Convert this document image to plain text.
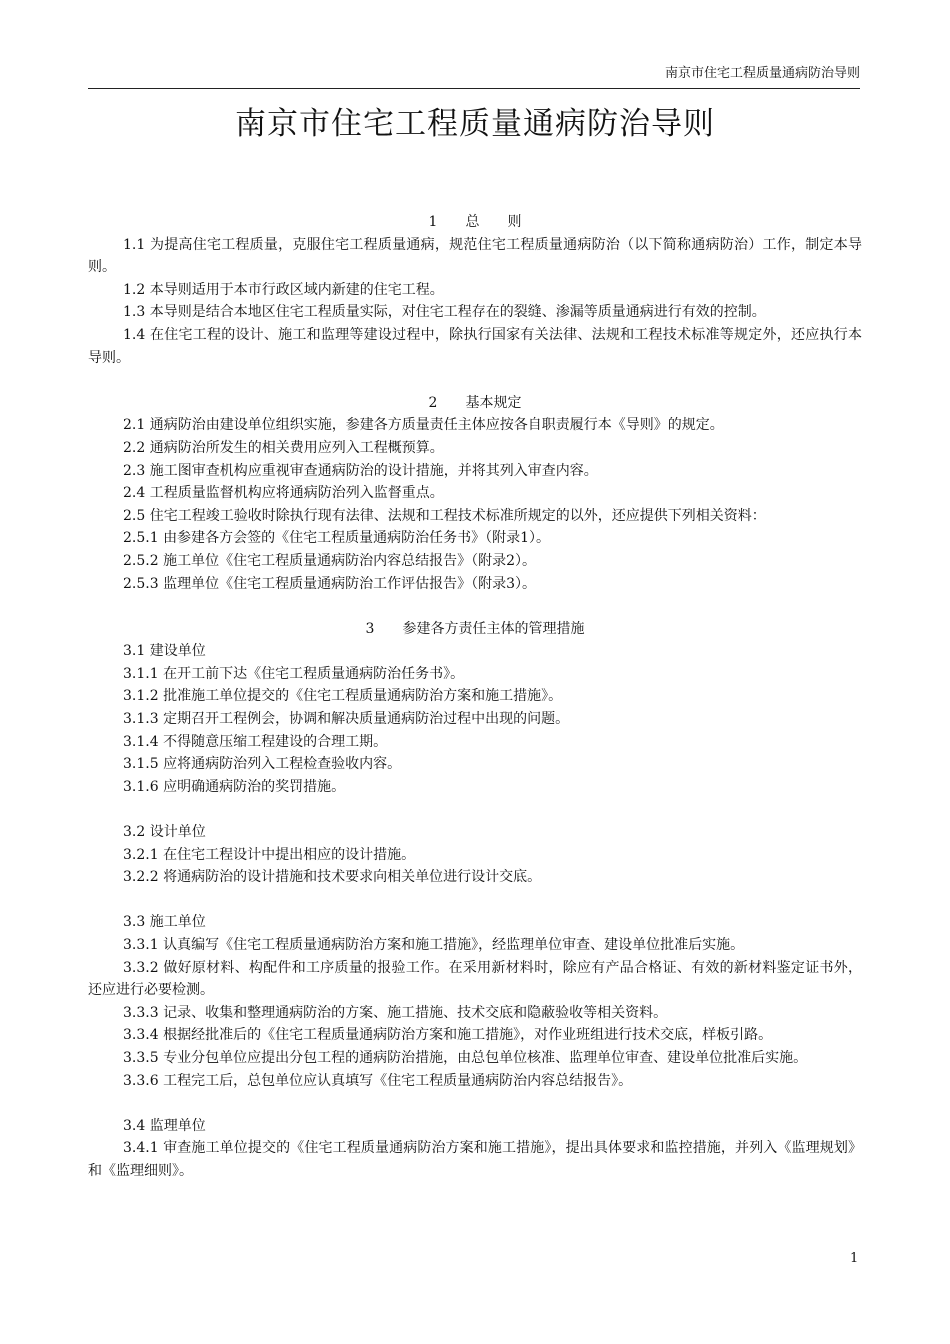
南京市住宅工程质量通病防治导则
南京市住宅工程质量通病防治导则
1　　总　　则
1.1 为提高住宅工程质量，克服住宅工程质量通病，规范住宅工程质量通病防治（以下简称通病防治）工作，制定本导则。
1.2 本导则适用于本市行政区域内新建的住宅工程。
1.3 本导则是结合本地区住宅工程质量实际，对住宅工程存在的裂缝、渗漏等质量通病进行有效的控制。
1.4 在住宅工程的设计、施工和监理等建设过程中，除执行国家有关法律、法规和工程技术标准等规定外，还应执行本导则。
2　　基本规定
2.1 通病防治由建设单位组织实施，参建各方质量责任主体应按各自职责履行本《导则》的规定。
2.2 通病防治所发生的相关费用应列入工程概预算。
2.3 施工图审查机构应重视审查通病防治的设计措施，并将其列入审查内容。
2.4 工程质量监督机构应将通病防治列入监督重点。
2.5 住宅工程竣工验收时除执行现有法律、法规和工程技术标准所规定的以外，还应提供下列相关资料：
2.5.1 由参建各方会签的《住宅工程质量通病防治任务书》（附录1）。
2.5.2 施工单位《住宅工程质量通病防治内容总结报告》（附录2）。
2.5.3 监理单位《住宅工程质量通病防治工作评估报告》（附录3）。
3　　参建各方责任主体的管理措施
3.1 建设单位
3.1.1 在开工前下达《住宅工程质量通病防治任务书》。
3.1.2 批准施工单位提交的《住宅工程质量通病防治方案和施工措施》。
3.1.3 定期召开工程例会，协调和解决质量通病防治过程中出现的问题。
3.1.4 不得随意压缩工程建设的合理工期。
3.1.5 应将通病防治列入工程检查验收内容。
3.1.6 应明确通病防治的奖罚措施。
3.2 设计单位
3.2.1 在住宅工程设计中提出相应的设计措施。
3.2.2 将通病防治的设计措施和技术要求向相关单位进行设计交底。
3.3 施工单位
3.3.1 认真编写《住宅工程质量通病防治方案和施工措施》，经监理单位审查、建设单位批准后实施。
3.3.2 做好原材料、构配件和工序质量的报验工作。在采用新材料时，除应有产品合格证、有效的新材料鉴定证书外，还应进行必要检测。
3.3.3 记录、收集和整理通病防治的方案、施工措施、技术交底和隐蔽验收等相关资料。
3.3.4 根据经批准后的《住宅工程质量通病防治方案和施工措施》，对作业班组进行技术交底，样板引路。
3.3.5 专业分包单位应提出分包工程的通病防治措施，由总包单位核准、监理单位审查、建设单位批准后实施。
3.3.6 工程完工后，总包单位应认真填写《住宅工程质量通病防治内容总结报告》。
3.4 监理单位
3.4.1 审查施工单位提交的《住宅工程质量通病防治方案和施工措施》，提出具体要求和监控措施，并列入《监理规划》和《监理细则》。
1
